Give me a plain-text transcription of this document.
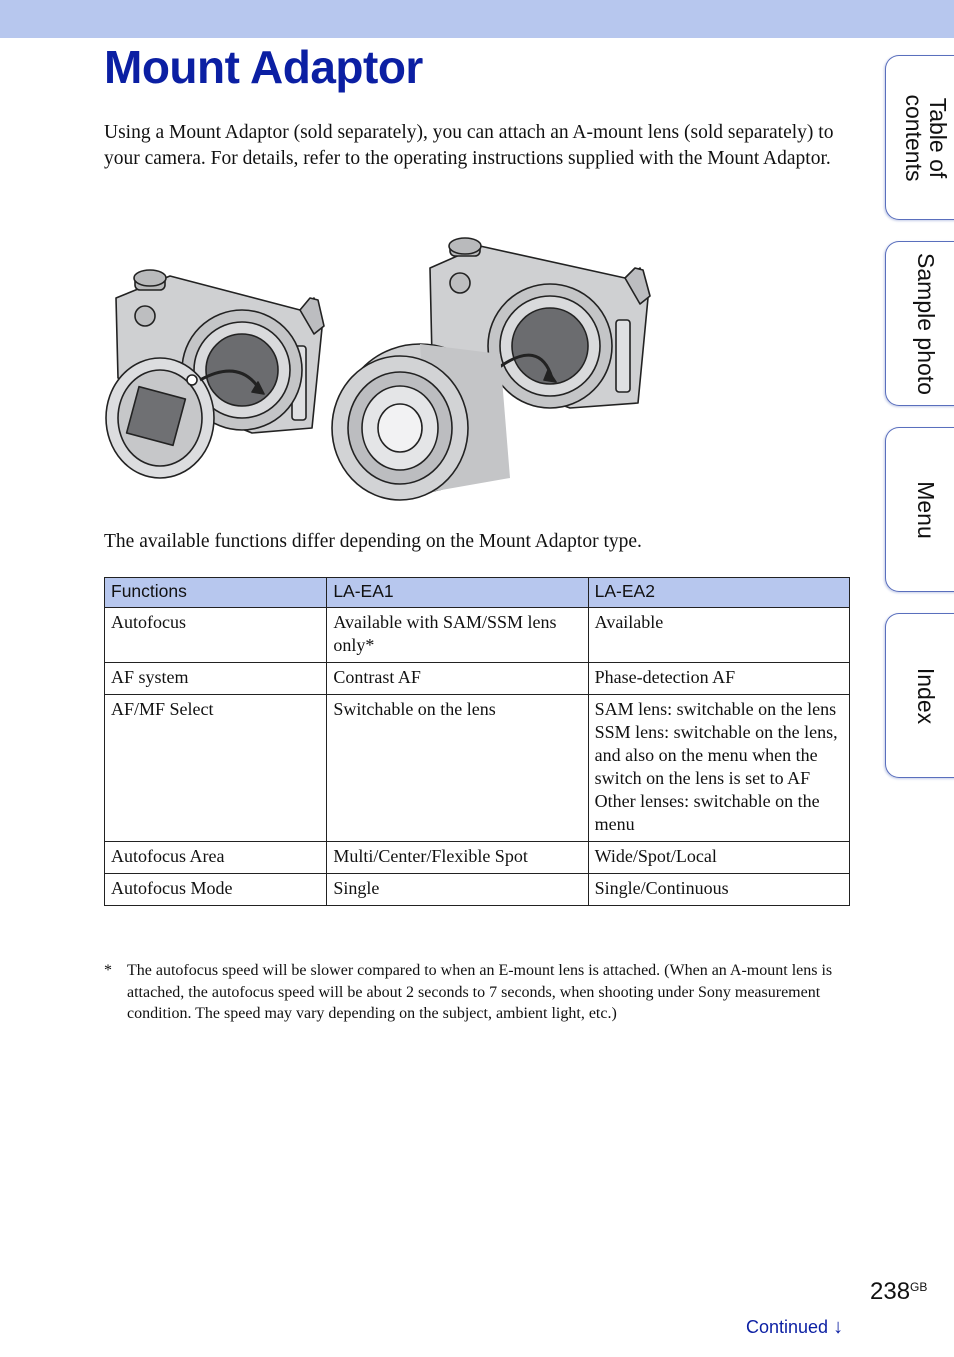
Mount Adaptor

Using a Mount Adaptor (sold separately), you can attach an A-mount lens (sold separately) to your camera. For details, refer to the operating instructions supplied with the Mount Adaptor.

The available functions differ depending on the Mount Adaptor type.

Functions	LA-EA1	LA-EA2
Autofocus	Available with SAM/SSM lens only*	Available
AF system	Contrast AF	Phase-detection AF
AF/MF Select	Switchable on the lens	SAM lens: switchable on the lens
SSM lens: switchable on the lens, and also on the menu when the switch on the lens is set to AF
Other lenses: switchable on the menu
Autofocus Area	Multi/Center/Flexible Spot	Wide/Spot/Local
Autofocus Mode	Single	Single/Continuous
* The autofocus speed will be slower compared to when an E-mount lens is attached. (When an A-mount lens is attached, the autofocus speed will be about 2 seconds to 7 seconds, when shooting under Sony measurement condition. The speed may vary depending on the subject, ambient light, etc.)
Table of
contents
Sample photo
Menu
Index
$238^{GB}$
Continued ↓
